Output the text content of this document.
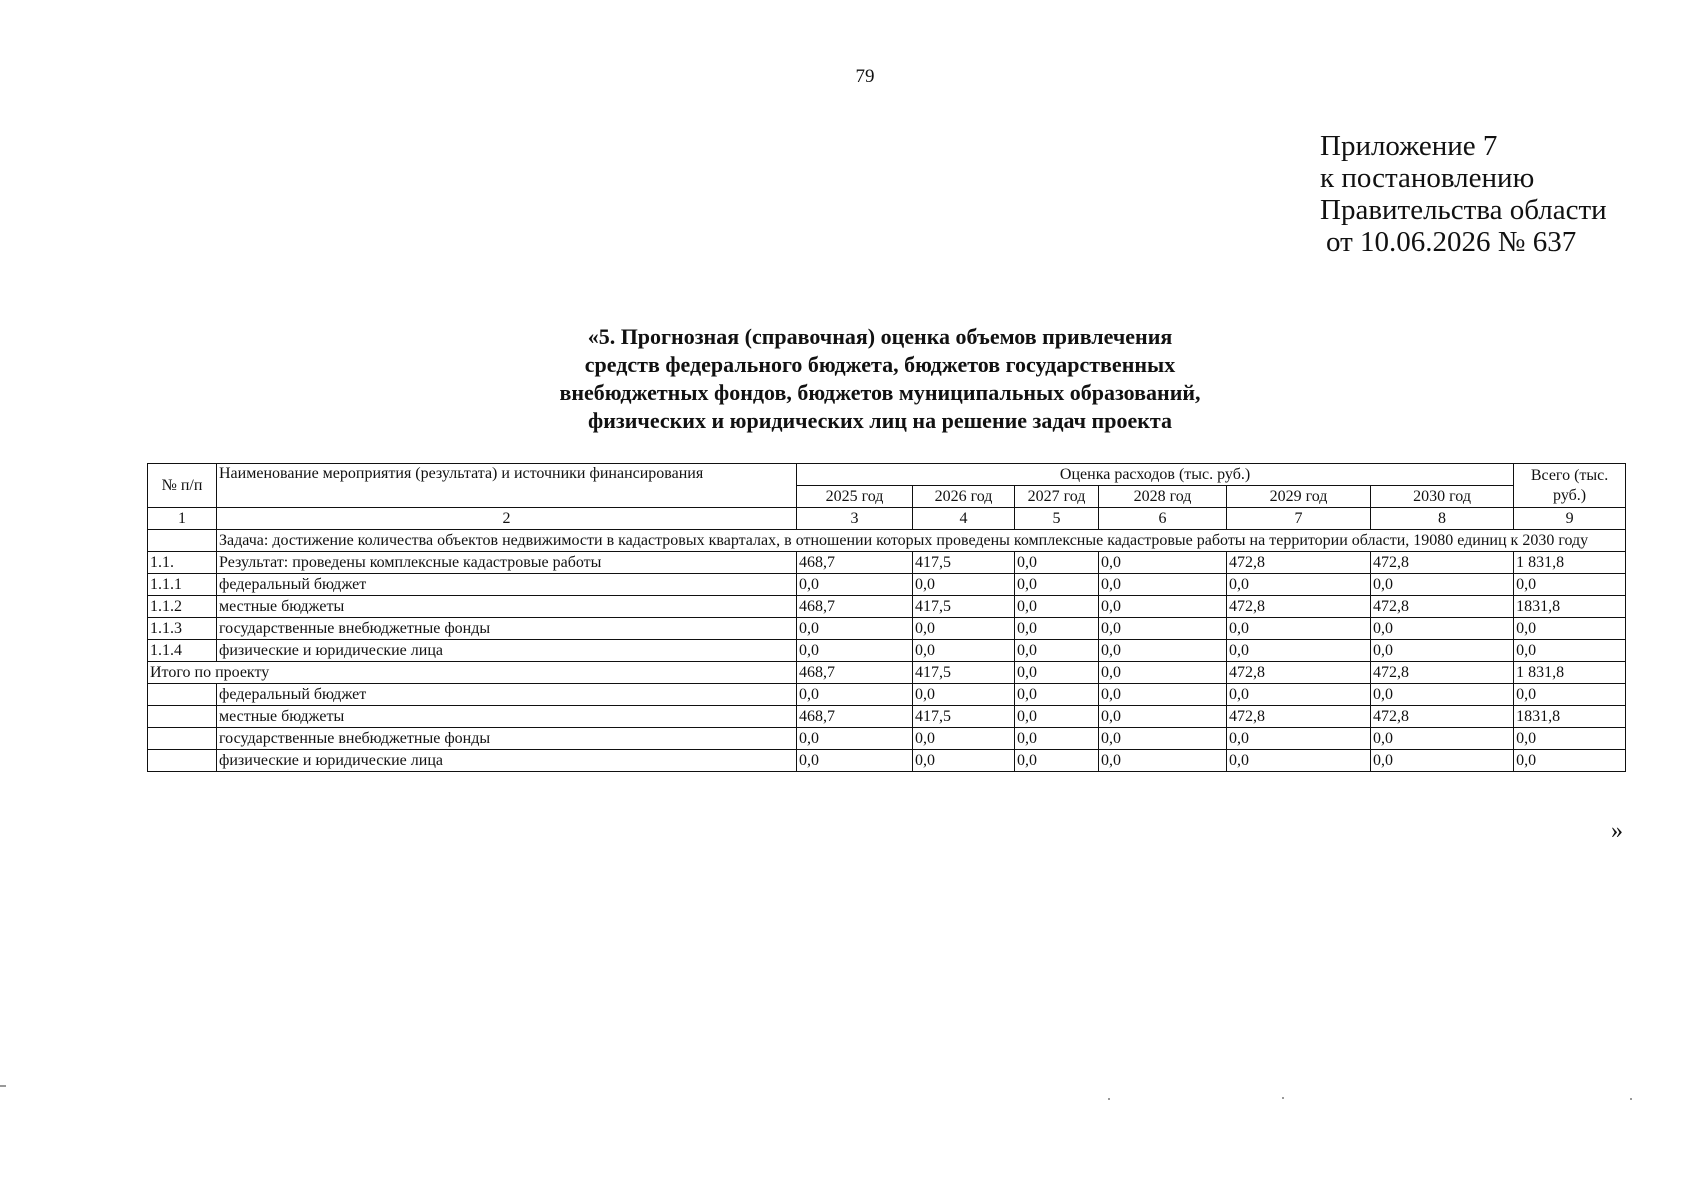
79
Приложение 7
к постановлению
Правительства области
от 10.06.2026 № 637
«5. Прогнозная (справочная) оценка объемов привлечения
средств федерального бюджета, бюджетов государственных
внебюджетных фондов, бюджетов муниципальных образований,
физических и юридических лиц на решение задач проекта
№ п/п	Наименование мероприятия (результата) и источники финансирования	Оценка расходов (тыс. руб.)						Всего (тыс. руб.)
		2025 год	2026 год	2027 год	2028 год	2029 год	2030 год	
1	2	3	4	5	6	7	8	9
	Задача: достижение количества объектов недвижимости в кадастровых кварталах, в отношении которых проведены комплексные кадастровые работы на территории области, 19080 единиц к 2030 году							
1.1.	Результат: проведены комплексные кадастровые работы	468,7	417,5	0,0	0,0	472,8	472,8	1 831,8
1.1.1	федеральный бюджет	0,0	0,0	0,0	0,0	0,0	0,0	0,0
1.1.2	местные бюджеты	468,7	417,5	0,0	0,0	472,8	472,8	1831,8
1.1.3	государственные внебюджетные фонды	0,0	0,0	0,0	0,0	0,0	0,0	0,0
1.1.4	физические и юридические лица	0,0	0,0	0,0	0,0	0,0	0,0	0,0
Итого по проекту		468,7	417,5	0,0	0,0	472,8	472,8	1 831,8
	федеральный бюджет	0,0	0,0	0,0	0,0	0,0	0,0	0,0
	местные бюджеты	468,7	417,5	0,0	0,0	472,8	472,8	1831,8
	государственные внебюджетные фонды	0,0	0,0	0,0	0,0	0,0	0,0	0,0
	физические и юридические лица	0,0	0,0	0,0	0,0	0,0	0,0	0,0
»
